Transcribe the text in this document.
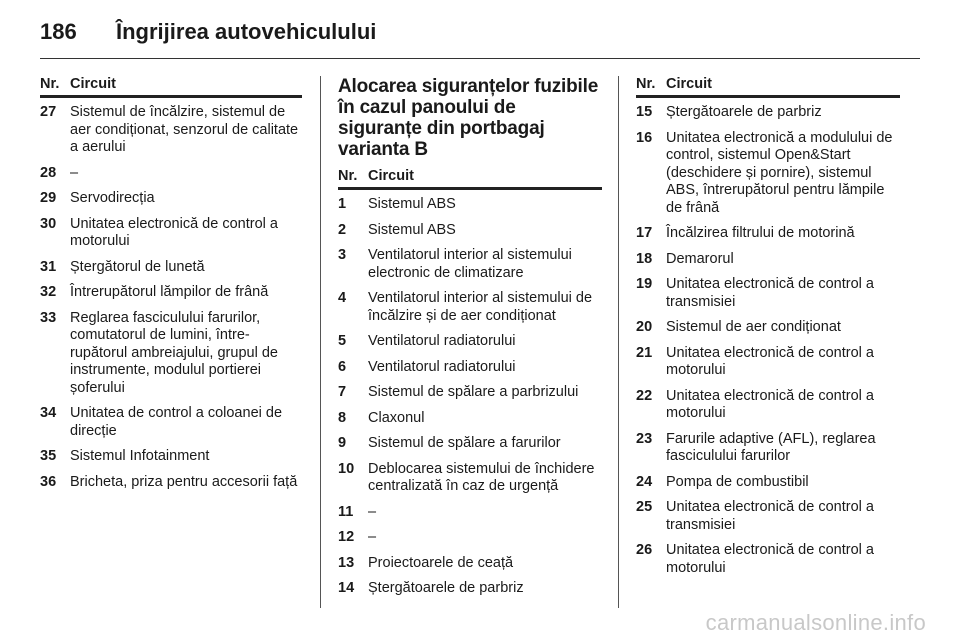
186	Îngrijirea autovehiculului
Nr. Circuit
27 Sistemul de încălzire, sistemul de aer condiționat, senzorul de calitate a aerului
28 –
29 Servodirecția
30 Unitatea electronică de control a motorului
31 Ștergătorul de lunetă
32 Întrerupătorul lămpilor de frână
33 Reglarea fasciculului farurilor, comutatorul de lumini, între- rupătorul ambreiajului, grupul de instrumente, modulul portierei șoferului
34 Unitatea de control a coloanei de direcție
35 Sistemul Infotainment
36 Bricheta, priza pentru accesorii față
Alocarea siguranțelor fuzibile în cazul panoului de siguranțe din portbagaj varianta B
Nr. Circuit
1	Sistemul ABS
2	Sistemul ABS
3	Ventilatorul interior al sistemului electronic de climatizare
4	Ventilatorul interior al sistemului de încălzire și de aer condiționat
5	Ventilatorul radiatorului
6	Ventilatorul radiatorului
7	Sistemul de spălare a parbrizului
8	Claxonul
9	Sistemul de spălare a farurilor
10 Deblocarea sistemului de închidere centralizată în caz de urgență
11	–
12 –
13 Proiectoarele de ceață
14 Ștergătoarele de parbriz
Nr. Circuit
15 Ștergătoarele de parbriz
16 Unitatea electronică a modulului de control, sistemul Open&Start (deschidere și pornire), sistemul ABS, întrerupătorul pentru lămpile de frână
17 Încălzirea filtrului de motorină
18 Demarorul
19 Unitatea electronică de control a transmisiei
20 Sistemul de aer condiționat
21 Unitatea electronică de control a motorului
22 Unitatea electronică de control a motorului
23 Farurile adaptive (AFL), reglarea fasciculului farurilor
24 Pompa de combustibil
25 Unitatea electronică de control a transmisiei
26 Unitatea electronică de control a motorului
carmanualsonline.info
